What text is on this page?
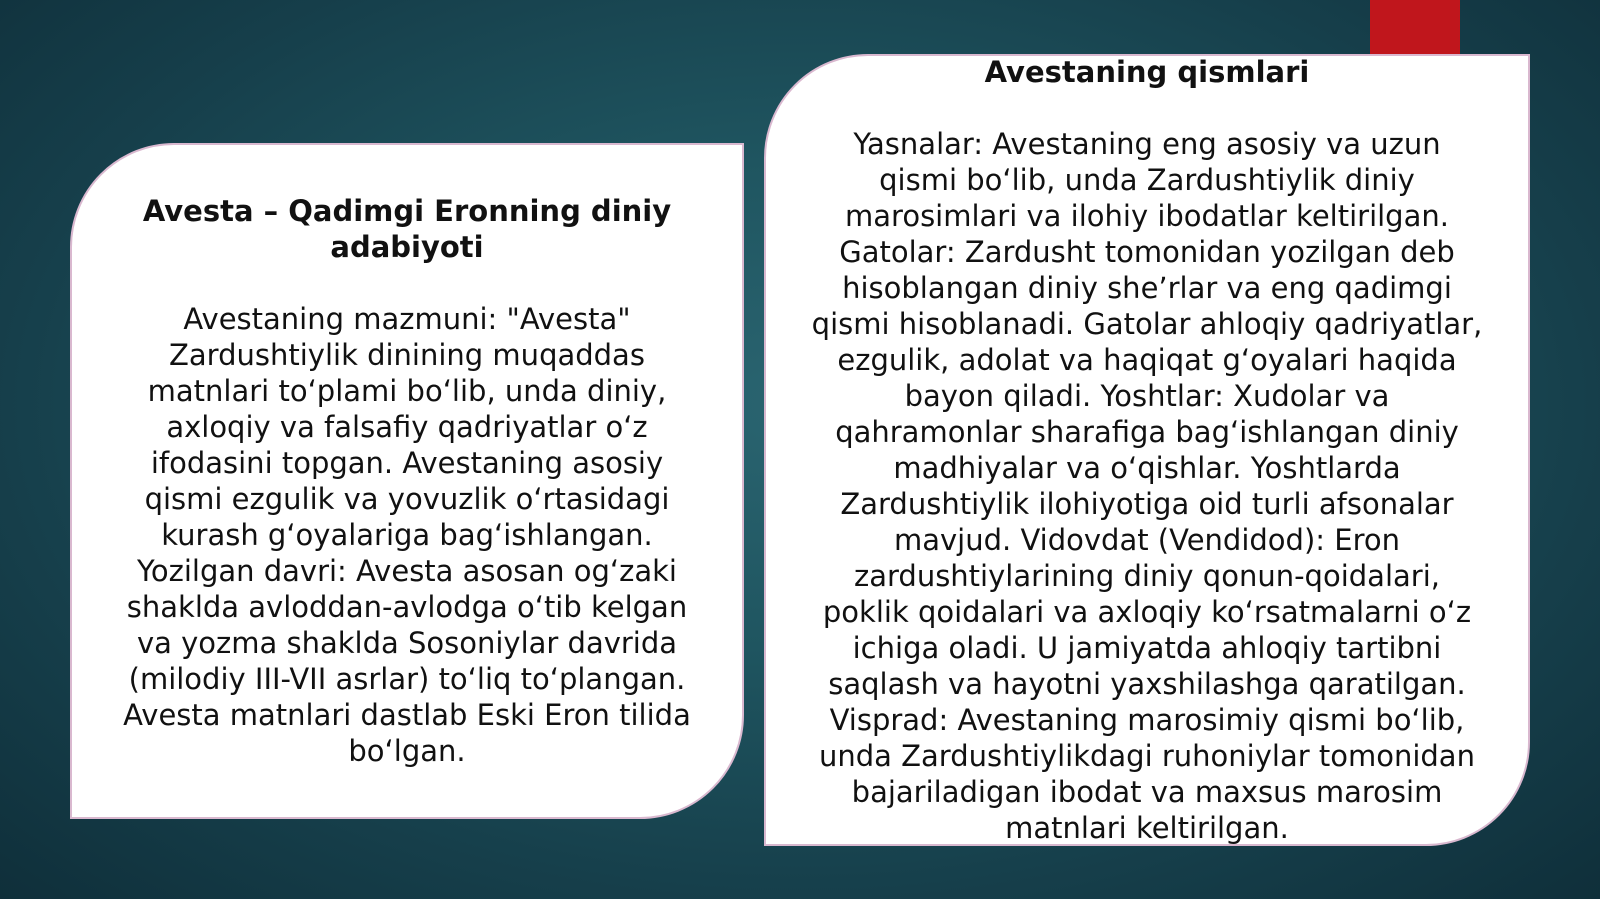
Avesta – Qadimgi Eronning diniy adabiyoti

Avestaning mazmuni: "Avesta" Zardushtiylik dinining muqaddas matnlari to‘plami bo‘lib, unda diniy, axloqiy va falsafiy qadriyatlar o‘z ifodasini topgan. Avestaning asosiy qismi ezgulik va yovuzlik o‘rtasidagi kurash g‘oyalariga bag‘ishlangan. Yozilgan davri: Avesta asosan og‘zaki shaklda avloddan-avlodga o‘tib kelgan va yozma shaklda Sosoniylar davrida (milodiy III-VII asrlar) to‘liq to‘plangan. Avesta matnlari dastlab Eski Eron tilida bo‘lgan.

Avestaning qismlari

Yasnalar: Avestaning eng asosiy va uzun qismi bo‘lib, unda Zardushtiylik diniy marosimlari va ilohiy ibodatlar keltirilgan. Gatolar: Zardusht tomonidan yozilgan deb hisoblangan diniy she’rlar va eng qadimgi qismi hisoblanadi. Gatolar ahloqiy qadriyatlar, ezgulik, adolat va haqiqat g‘oyalari haqida bayon qiladi. Yoshtlar: Xudolar va qahramonlar sharafiga bag‘ishlangan diniy madhiyalar va o‘qishlar. Yoshtlarda Zardushtiylik ilohiyotiga oid turli afsonalar mavjud. Vidovdat (Vendidod): Eron zardushtiylarining diniy qonun-qoidalari, poklik qoidalari va axloqiy ko‘rsatmalarni o‘z ichiga oladi. U jamiyatda ahloqiy tartibni saqlash va hayotni yaxshilashga qaratilgan.

Visprad: Avestaning marosimiy qismi bo‘lib, unda Zardushtiylikdagi ruhoniylar tomonidan bajariladigan ibodat va maxsus marosim matnlari keltirilgan.
